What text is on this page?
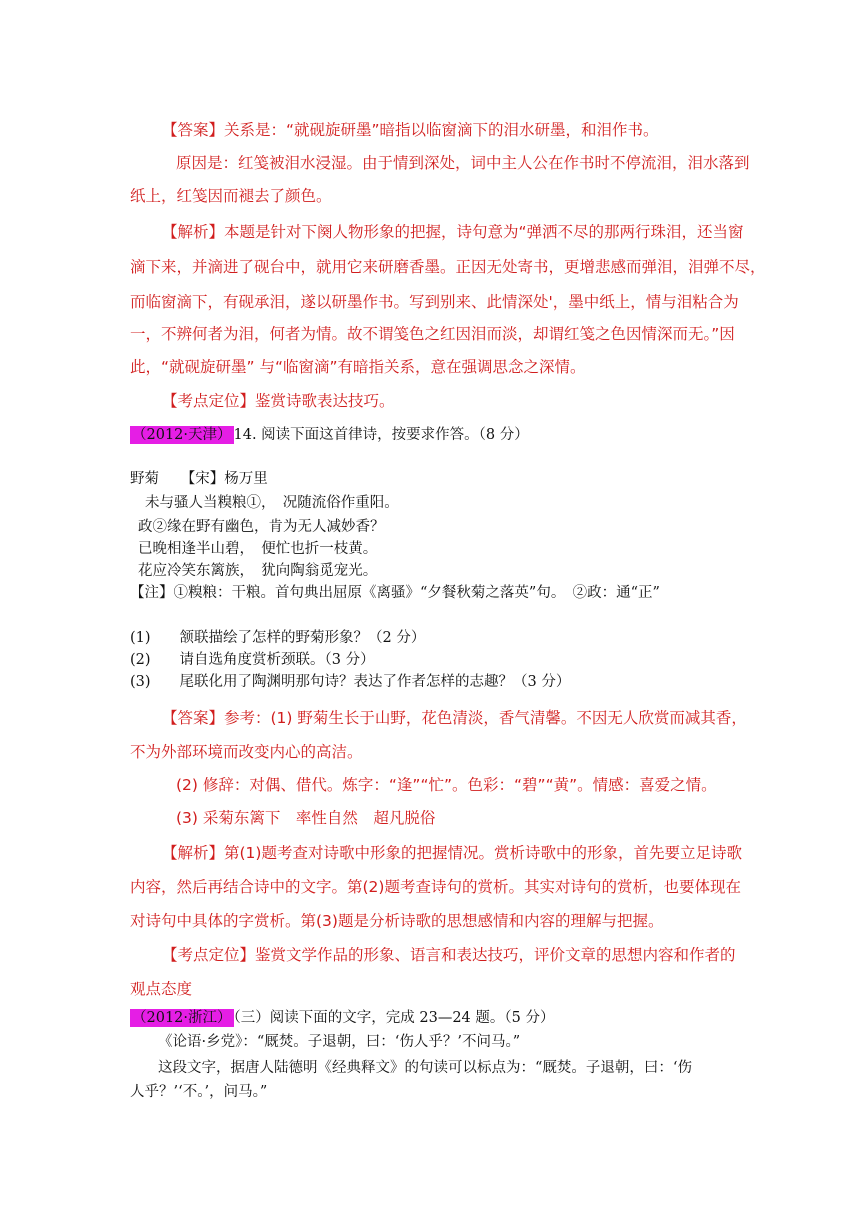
【答案】关系是：“就砚旋研墨”暗指以临窗滴下的泪水研墨，和泪作书。
原因是：红笺被泪水浸湿。由于情到深处，词中主人公在作书时不停流泪，泪水落到
纸上，红笺因而褪去了颜色。
【解析】本题是针对下阕人物形象的把握，诗句意为“弹洒不尽的那两行珠泪，还当窗
滴下来，并滴进了砚台中，就用它来研磨香墨。正因无处寄书，更增悲感而弹泪，泪弹不尽，
而临窗滴下，有砚承泪，遂以研墨作书。写到别来、此情深处'，墨中纸上，情与泪粘合为
一，不辨何者为泪，何者为情。故不谓笺色之红因泪而淡，却谓红笺之色因情深而无。”因
此，“就砚旋研墨” 与“临窗滴”有暗指关系，意在强调思念之深情。
【考点定位】鉴赏诗歌表达技巧。
（2012·天津） 14. 阅读下面这首律诗，按要求作答。（8 分）
野菊　　【宋】杨万里
未与骚人当糗粮①，　况随流俗作重阳。
政②缘在野有幽色，肯为无人减妙香？
已晚相逢半山碧，　便忙也折一枝黄。
花应冷笑东篱族，　犹向陶翁觅宠光。
【注】①糗粮：干粮。首句典出屈原《离骚》“夕餐秋菊之落英”句。　②政：通“正”
(1)　　颔联描绘了怎样的野菊形象？（2 分）
(2)　　请自选角度赏析颈联。（3 分）
(3)　　尾联化用了陶渊明那句诗？表达了作者怎样的志趣？（3 分）
【答案】参考：(1) 野菊生长于山野，花色清淡，香气清馨。不因无人欣赏而减其香，
不为外部环境而改变内心的高洁。
(2) 修辞：对偶、借代。炼字：“逢”“忙”。色彩：“碧”“黄”。情感：喜爱之情。
(3) 采菊东篱下　率性自然　超凡脱俗
【解析】第(1)题考查对诗歌中形象的把握情况。赏析诗歌中的形象，首先要立足诗歌
内容，然后再结合诗中的文字。第(2)题考查诗句的赏析。其实对诗句的赏析，也要体现在
对诗句中具体的字赏析。第(3)题是分析诗歌的思想感情和内容的理解与把握。
【考点定位】鉴赏文学作品的形象、语言和表达技巧，评价文章的思想内容和作者的
观点态度
（2012·浙江） （三）阅读下面的文字，完成 23—24 题。（5 分）
《论语·乡党》：“厩焚。子退朝，曰：‘伤人乎？’不问马。”
这段文字，据唐人陆德明《经典释文》的句读可以标点为：“厩焚。子退朝，曰：‘伤
人乎？’‘不。’，问马。”
